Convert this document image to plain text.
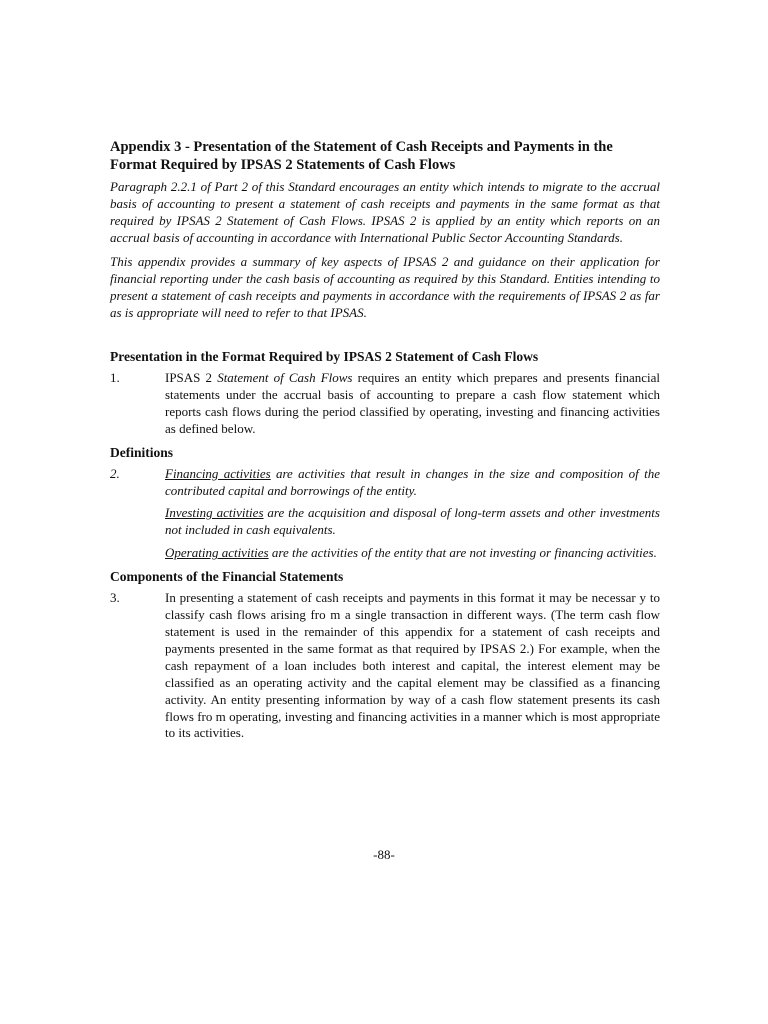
Appendix 3 - Presentation of the Statement of Cash Receipts and Payments in the Format Required by IPSAS 2 Statements of Cash Flows

Paragraph 2.2.1 of Part 2 of this Standard encourages an entity which intends to migrate to the accrual basis of accounting to present a statement of cash receipts and payments in the same format as that required by IPSAS 2 Statement of Cash Flows. IPSAS 2 is applied by an entity which reports on an accrual basis of accounting in accordance with International Public Sector Accounting Standards.

This appendix provides a summary of key aspects of IPSAS 2 and guidance on their application for financial reporting under the cash basis of accounting as required by this Standard. Entities intending to present a statement of cash receipts and payments in accordance with the requirements of IPSAS 2 as far as is appropriate will need to refer to that IPSAS.

Presentation in the Format Required by IPSAS 2 Statement of Cash Flows
1.	IPSAS 2 Statement of Cash Flows requires an entity which prepares and presents financial statements under the accrual basis of accounting to prepare a cash flow statement which reports cash flows during the period classified by operating, investing and financing activities as defined below.
Definitions
2.	Financing activities are activities that result in changes in the size and composition of the contributed capital and borrowings of the entity.
Investing activities are the acquisition and disposal of long-term assets and other investments not included in cash equivalents.
Operating activities are the activities of the entity that are not investing or financing activities.
Components of the Financial Statements
3.	In presenting a statement of cash receipts and payments in this format it may be necessar y to classify cash flows arising fro m a single transaction in different ways. (The term cash flow statement is used in the remainder of this appendix for a statement of cash receipts and payments presented in the same format as that required by IPSAS 2.) For example, when the cash repayment of a loan includes both interest and capital, the interest element may be classified as an operating activity and the capital element may be classified as a financing activity. An entity presenting information by way of a cash flow statement presents its cash flows fro m operating, investing and financing activities in a manner which is most appropriate to its activities.
-88-
